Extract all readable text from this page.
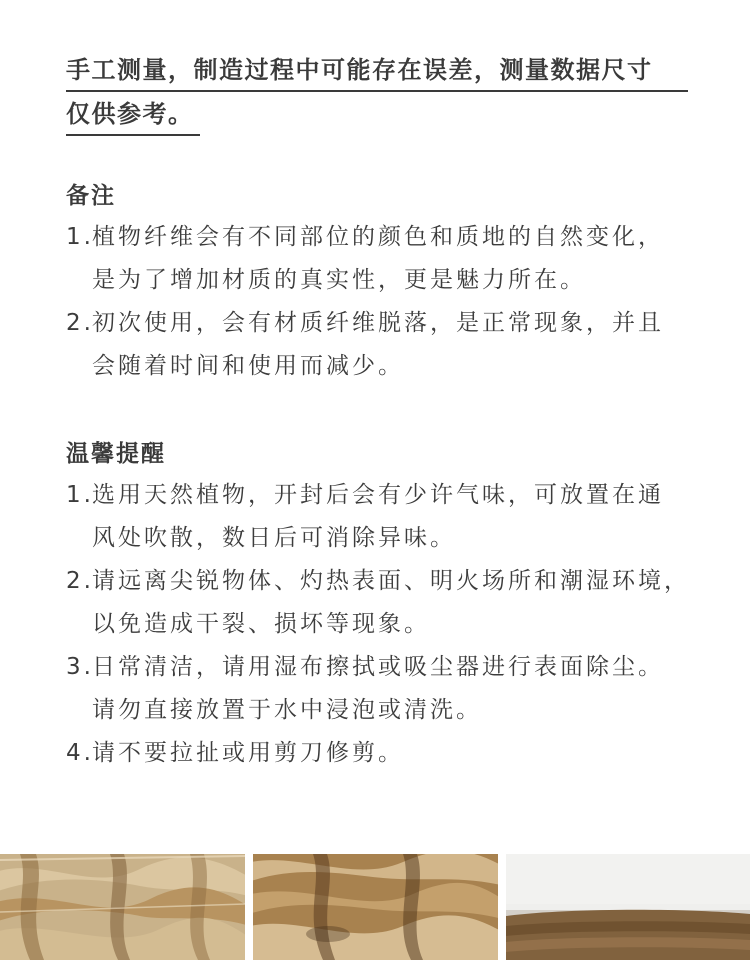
手工测量，制造过程中可能存在误差，测量数据尺寸
仅供参考。
备注
1.
植物纤维会有不同部位的颜色和质地的自然变化，
是为了增加材质的真实性，更是魅力所在。
2.
初次使用，会有材质纤维脱落，是正常现象，并且
会随着时间和使用而减少。
温馨提醒
1.
选用天然植物，开封后会有少许气味，可放置在通
风处吹散，数日后可消除异味。
2.
请远离尖锐物体、灼热表面、明火场所和潮湿环境，
以免造成干裂、损坏等现象。
3.
日常清洁，请用湿布擦拭或吸尘器进行表面除尘。
请勿直接放置于水中浸泡或清洗。
4.
请不要拉扯或用剪刀修剪。
